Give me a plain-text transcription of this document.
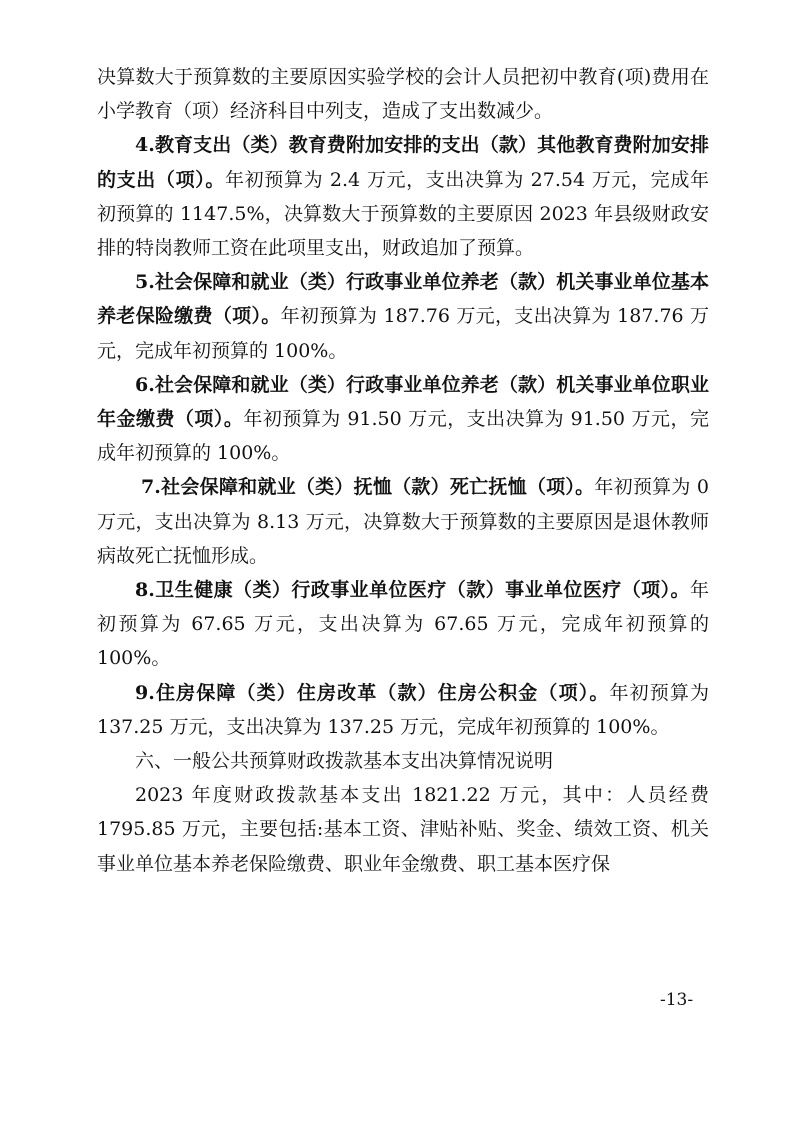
决算数大于预算数的主要原因实验学校的会计人员把初中教育(项)费用在小学教育（项）经济科目中列支，造成了支出数减少。

4.教育支出（类）教育费附加安排的支出（款）其他教育费附加安排的支出（项）。年初预算为 2.4 万元，支出决算为 27.54 万元，完成年初预算的 1147.5%，决算数大于预算数的主要原因 2023 年县级财政安排的特岗教师工资在此项里支出，财政追加了预算。

5.社会保障和就业（类）行政事业单位养老（款）机关事业单位基本养老保险缴费（项）。年初预算为 187.76 万元，支出决算为 187.76 万元，完成年初预算的 100%。

6.社会保障和就业（类）行政事业单位养老（款）机关事业单位职业年金缴费（项）。年初预算为 91.50 万元，支出决算为 91.50 万元，完成年初预算的 100%。

7.社会保障和就业（类）抚恤（款）死亡抚恤（项）。年初预算为 0 万元，支出决算为 8.13 万元，决算数大于预算数的主要原因是退休教师病故死亡抚恤形成。

8.卫生健康（类）行政事业单位医疗（款）事业单位医疗（项）。年初预算为 67.65 万元，支出决算为 67.65 万元，完成年初预算的 100%。

9.住房保障（类）住房改革（款）住房公积金（项）。年初预算为 137.25 万元，支出决算为 137.25 万元，完成年初预算的 100%。

六、一般公共预算财政拨款基本支出决算情况说明

2023 年度财政拨款基本支出 1821.22 万元，其中：人员经费 1795.85 万元，主要包括:基本工资、津贴补贴、奖金、绩效工资、机关事业单位基本养老保险缴费、职业年金缴费、职工基本医疗保

-13-
